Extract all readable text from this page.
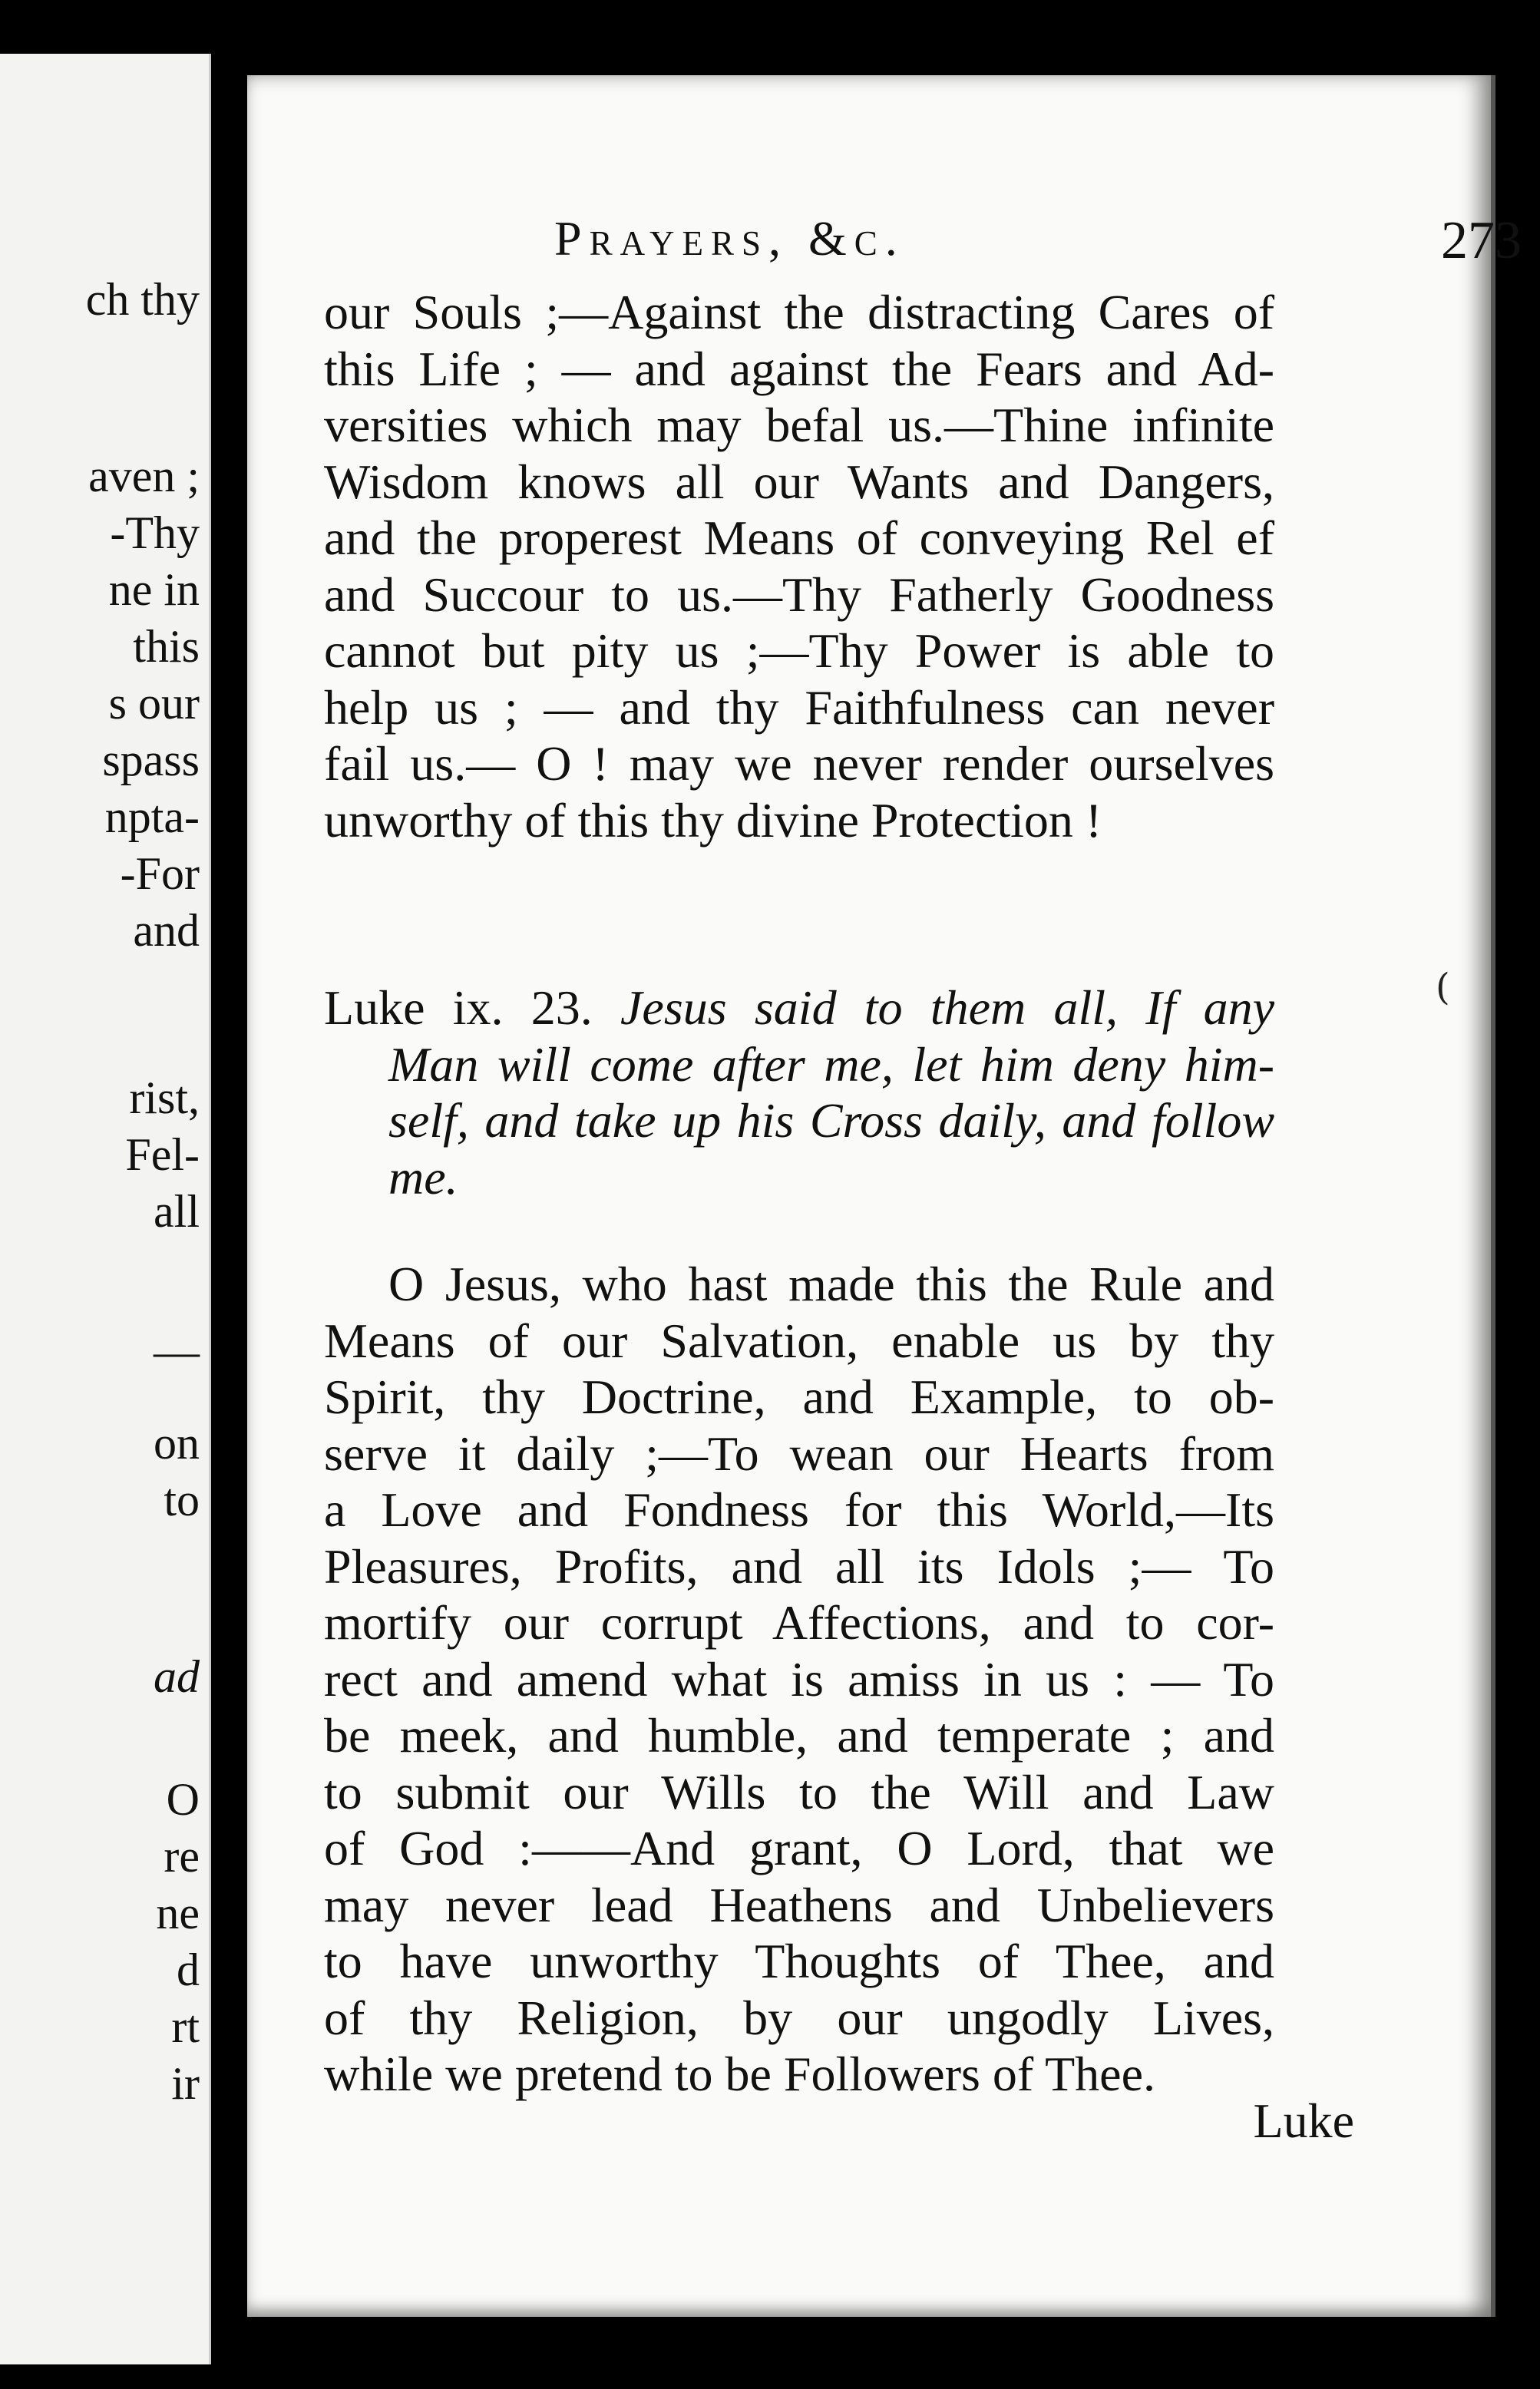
ch thy
aven ;
-Thy
ne in
this
s our
spass
npta-
-For
and
rist,
Fel-
all
—
on
to
ad
O
re
ne
d
rt
ir
Prayers, &c.	273
our Souls ;—Against the distracting Cares of
this Life ; — and against the Fears and Ad-
versities which may befal us.—Thine infinite
Wisdom knows all our Wants and Dangers,
and the properest Means of conveying Rel ef
and Succour to us.—Thy Fatherly Goodness
cannot but pity us ;—Thy Power is able to
help us ; — and thy Faithfulness can never
fail us.— O ! may we never render ourselves
unworthy of this thy divine Protection !
Luke ix. 23. Jesus said to them all, If any
Man will come after me, let him deny him-
self, and take up his Cross daily, and follow
me.
O Jesus, who hast made this the Rule and
Means of our Salvation, enable us by thy
Spirit, thy Doctrine, and Example, to ob-
serve it daily ;—To wean our Hearts from
a Love and Fondness for this World,—Its
Pleasures, Profits, and all its Idols ;— To
mortify our corrupt Affections, and to cor-
rect and amend what is amiss in us : — To
be meek, and humble, and temperate ; and
to submit our Wills to the Will and Law
of God :——And grant, O Lord, that we
may never lead Heathens and Unbelievers
to have unworthy Thoughts of Thee, and
of thy Religion, by our ungodly Lives,
while we pretend to be Followers of Thee.
Luke
(
